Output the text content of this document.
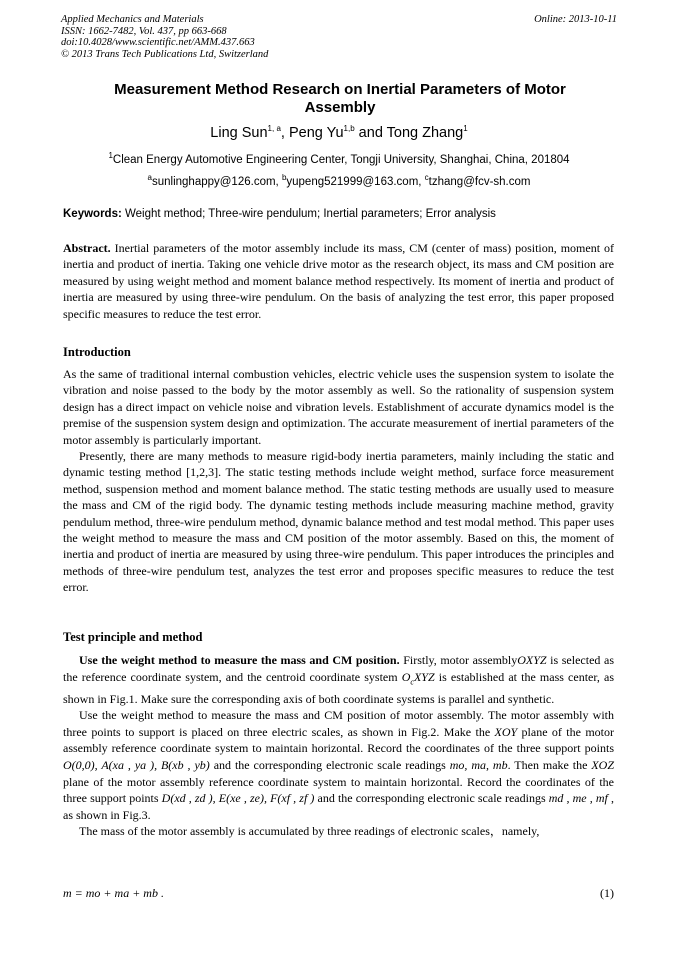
Applied Mechanics and Materials
ISSN: 1662-7482, Vol. 437, pp 663-668
doi:10.4028/www.scientific.net/AMM.437.663
© 2013 Trans Tech Publications Ltd, Switzerland
Online: 2013-10-11
Measurement Method Research on Inertial Parameters of Motor Assembly
Ling Sun$^{1, a}$, Peng Yu$^{1,b}$ and Tong Zhang$^1$
$^1$Clean Energy Automotive Engineering Center, Tongji University, Shanghai, China, 201804
$^a$sunlinghappy@126.com, $^b$yupeng521999@163.com, $^c$tzhang@fcv-sh.com
Keywords: Weight method; Three-wire pendulum; Inertial parameters; Error analysis

Abstract. Inertial parameters of the motor assembly include its mass, CM (center of mass) position, moment of inertia and product of inertia. Taking one vehicle drive motor as the research object, its mass and CM position are measured by using weight method and moment balance method respectively. Its moment of inertia and product of inertia are measured by using three-wire pendulum. On the basis of analyzing the test error, this paper proposed specific measures to reduce the test error.

Introduction

As the same of traditional internal combustion vehicles, electric vehicle uses the suspension system to isolate the vibration and noise passed to the body by the motor assembly as well. So the rationality of suspension system design has a direct impact on vehicle noise and vibration levels. Establishment of accurate dynamics model is the premise of the suspension system design and optimization. The accurate measurement of inertial parameters of the motor assembly is particularly important.

Presently, there are many methods to measure rigid-body inertia parameters, mainly including the static and dynamic testing method [1,2,3]. The static testing methods include weight method, surface force measurement method, suspension method and moment balance method. The static testing methods are usually used to measure the mass and CM of the rigid body. The dynamic testing methods include measuring machine method, gravity pendulum method, three-wire pendulum method, dynamic balance method and test modal method. This paper uses the weight method to measure the mass and CM position of the motor assembly. Based on this, the moment of inertia and product of inertia are measured by using three-wire pendulum. This paper introduces the principles and methods of three-wire pendulum test, analyzes the test error and proposes specific measures to reduce the test error.

Test principle and method

Use the weight method to measure the mass and CM position. Firstly, motor assemblyOXYZ is selected as the reference coordinate system, and the centroid coordinate system $O_cXYZ$ is established at the mass center, as shown in Fig.1. Make sure the corresponding axis of both coordinate systems is parallel and synthetic.

Use the weight method to measure the mass and CM position of motor assembly. The motor assembly with three points to support is placed on three electric scales, as shown in Fig.2. Make the XOY plane of the motor assembly reference coordinate system to maintain horizontal. Record the coordinates of the three support points O(0,0), A(xa , ya ), B(xb , yb) and the corresponding electronic scale readings mo, ma, mb. Then make the XOZ plane of the motor assembly reference coordinate system to maintain horizontal. Record the coordinates of the three support points D(xd , zd ), E(xe , ze), F(xf , zf ) and the corresponding electronic scale readings md , me , mf , as shown in Fig.3.

The mass of the motor assembly is accumulated by three readings of electronic scales，namely,

m = mo + ma + mb .	(1)
